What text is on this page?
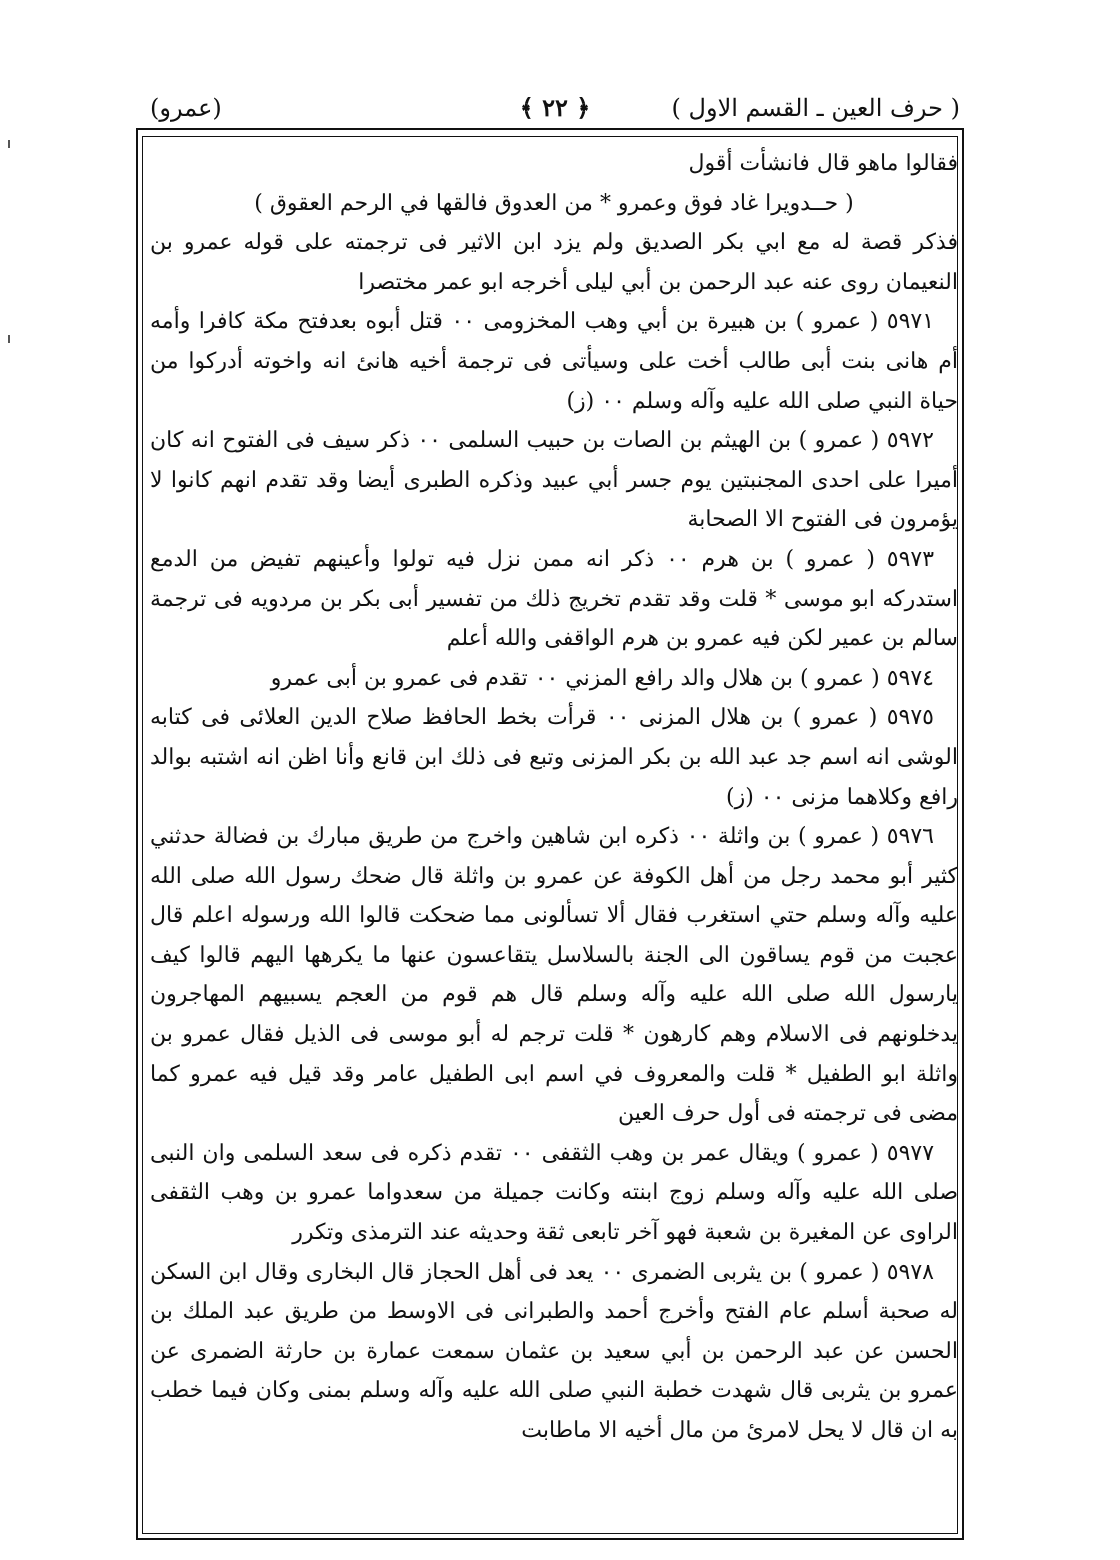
( حرف العين ـ القسم الاول )
﴿ ٢٢ ﴾
(عمرو)

فقالوا ماهو قال فانشأت أقول

( حــدويرا غاد فوق وعمرو * من العدوق فالقها في الرحم العقوق )

فذكر قصة له مع ابي بكر الصديق ولم يزد ابن الاثير فى ترجمته على قوله عمرو بن النعيمان روى عنه عبد الرحمن بن أبي ليلى أخرجه ابو عمر مختصرا

٥٩٧١ ( عمرو ) بن هبيرة بن أبي وهب المخزومى ٠٠ قتل أبوه بعدفتح مكة كافرا وأمه أم هانى بنت أبى طالب أخت على وسيأتى فى ترجمة أخيه هانئ انه واخوته أدركوا من حياة النبي صلى الله عليه وآله وسلم ٠٠ (ز)

٥٩٧٢ ( عمرو ) بن الهيثم بن الصات بن حبيب السلمى ٠٠ ذكر سيف فى الفتوح انه كان أميرا على احدى المجنبتين يوم جسر أبي عبيد وذكره الطبرى أيضا وقد تقدم انهم كانوا لا يؤمرون فى الفتوح الا الصحابة

٥٩٧٣ ( عمرو ) بن هرم ٠٠ ذكر انه ممن نزل فيه تولوا وأعينهم تفيض من الدمع استدركه ابو موسى * قلت وقد تقدم تخريج ذلك من تفسير أبى بكر بن مردويه فى ترجمة سالم بن عمير لكن فيه عمرو بن هرم الواقفى والله أعلم

٥٩٧٤ ( عمرو ) بن هلال والد رافع المزني ٠٠ تقدم فى عمرو بن أبى عمرو

٥٩٧٥ ( عمرو ) بن هلال المزنى ٠٠ قرأت بخط الحافظ صلاح الدين العلائى فى كتابه الوشى انه اسم جد عبد الله بن بكر المزنى وتبع فى ذلك ابن قانع وأنا اظن انه اشتبه بوالد رافع وكلاهما مزنى ٠٠ (ز)

٥٩٧٦ ( عمرو ) بن واثلة ٠٠ ذكره ابن شاهين واخرج من طريق مبارك بن فضالة حدثني كثير أبو محمد رجل من أهل الكوفة عن عمرو بن واثلة قال ضحك رسول الله صلى الله عليه وآله وسلم حتي استغرب فقال ألا تسألونى مما ضحكت قالوا الله ورسوله اعلم قال عجبت من قوم يساقون الى الجنة بالسلاسل يتقاعسون عنها ما يكرهها اليهم قالوا كيف يارسول الله صلى الله عليه وآله وسلم قال هم قوم من العجم يسبيهم المهاجرون يدخلونهم فى الاسلام وهم كارهون * قلت ترجم له أبو موسى فى الذيل فقال عمرو بن واثلة ابو الطفيل * قلت والمعروف في اسم ابى الطفيل عامر وقد قيل فيه عمرو كما مضى فى ترجمته فى أول حرف العين

٥٩٧٧ ( عمرو ) ويقال عمر بن وهب الثقفى ٠٠ تقدم ذكره فى سعد السلمى وان النبى صلى الله عليه وآله وسلم زوج ابنته وكانت جميلة من سعدواما عمرو بن وهب الثقفى الراوى عن المغيرة بن شعبة فهو آخر تابعى ثقة وحديثه عند الترمذى وتكرر

٥٩٧٨ ( عمرو ) بن يثربى الضمرى ٠٠ يعد فى أهل الحجاز قال البخارى وقال ابن السكن له صحبة أسلم عام الفتح وأخرج أحمد والطبرانى فى الاوسط من طريق عبد الملك بن الحسن عن عبد الرحمن بن أبي سعيد بن عثمان سمعت عمارة بن حارثة الضمرى عن عمرو بن يثربى قال شهدت خطبة النبي صلى الله عليه وآله وسلم بمنى وكان فيما خطب به ان قال لا يحل لامرئ من مال أخيه الا ماطابت
